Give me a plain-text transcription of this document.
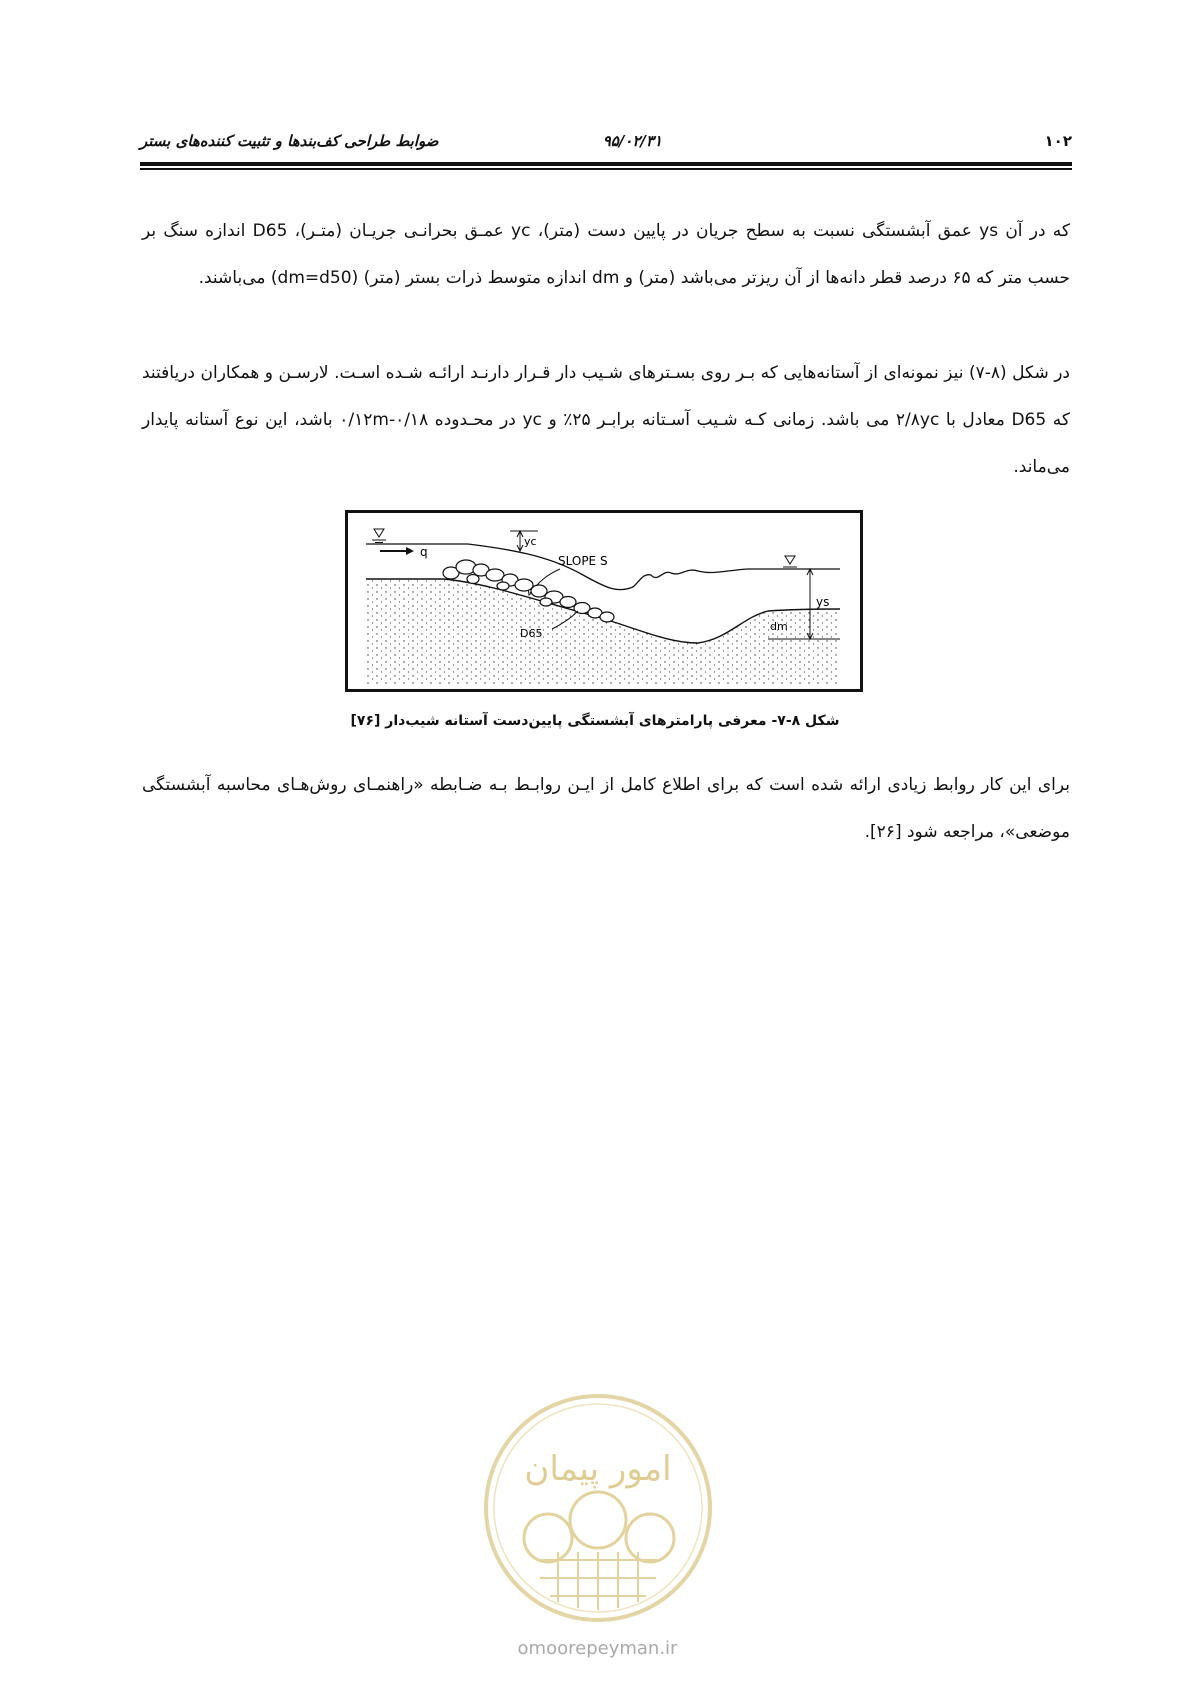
۱۰۲
۹۵/۰۲/۳۱
ضوابط طراحی کف‌بندها و تثبیت کننده‌های بستر

که در آن ys عمق آبشستگی نسبت به سطح جریان در پایین دست (متر)، yc عمـق بحرانـی جریـان (متـر)، D65 اندازه سنگ بر حسب متر که ۶۵ درصد قطر دانه‌ها از آن ریزتر می‌باشد (متر) و dm اندازه متوسط ذرات بستر (متر) (dm=d50) می‌باشند.

در شکل (۸-۷) نیز نمونه‌ای از آستانه‌هایی که بـر روی بسـترهای شـیب دار قـرار دارنـد ارائـه شـده اسـت. لارسـن و همکاران دریافتند که D65 معادل با ۲/۸yc می باشد. زمانی کـه شـیب آسـتانه برابـر ۲۵٪ و yc در محـدوده ۰/۱۸-۰/۱۲m باشد، این نوع آستانه پایدار می‌ماند.

q
yc
SLOPE S
ys
D65
dm
شکل ۸-۷- معرفی پارامترهای آبشستگی پایین‌دست آستانه شیب‌دار [۷۶]

برای این کار روابط زیادی ارائه شده است که برای اطلاع کامل از ایـن روابـط بـه ضـابطه «راهنمـای روش‌هـای محاسبه آبشستگی موضعی»، مراجعه شود [۲۶].

امور پیمان
omoorepeyman.ir
